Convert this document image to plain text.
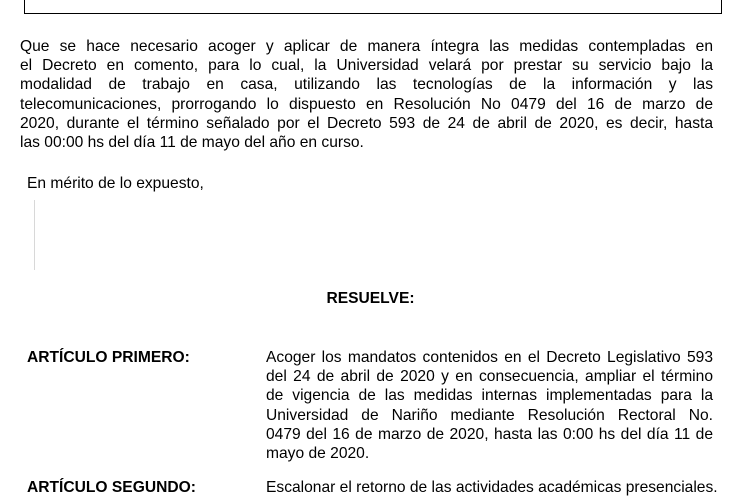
Que se hace necesario acoger y aplicar de manera íntegra las medidas contempladas en
el Decreto en comento, para lo cual, la Universidad velará por prestar su servicio bajo la
modalidad de trabajo en casa, utilizando las tecnologías de la información y las
telecomunicaciones, prorrogando lo dispuesto en Resolución No 0479 del 16 de marzo de
2020, durante el término señalado por el Decreto 593 de 24 de abril de 2020, es decir, hasta
las 00:00 hs del día 11 de mayo del año en curso.

En mérito de lo expuesto,

RESUELVE:

ARTÍCULO PRIMERO:	Acoger los mandatos contenidos en el Decreto Legislativo 593
del 24 de abril de 2020 y en consecuencia, ampliar el término
de vigencia de las medidas internas implementadas para la
Universidad de Nariño mediante Resolución Rectoral No.
0479 del 16 de marzo de 2020, hasta las 0:00 hs del día 11 de
mayo de 2020.

ARTÍCULO SEGUNDO:	Escalonar el retorno de las actividades académicas presenciales.
